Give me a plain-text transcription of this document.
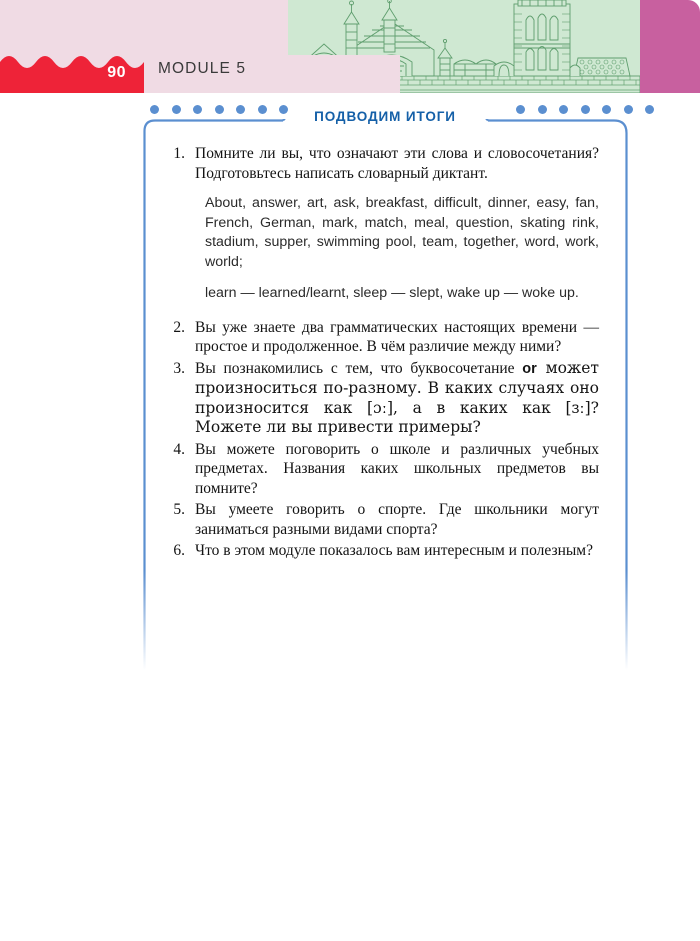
90	MODULE 5
ПОДВОДИМ ИТОГИ
1. Помните ли вы, что означают эти слова и словосочетания? Подготовьтесь написать словарный диктант.
About, answer, art, ask, breakfast, difficult, dinner, easy, fan, French, German, mark, match, meal, question, skating rink, stadium, supper, swimming pool, team, together, word, work, world;
learn — learned/learnt, sleep — slept, wake up — woke up.
2. Вы уже знаете два грамматических настоящих времени — простое и продолженное. В чём различие между ними?
3. Вы познакомились с тем, что буквосочетание or может произноситься по-разному. В каких случаях оно произносится как [ɔː], а в каких как [ɜː]? Можете ли вы привести примеры?
4. Вы можете поговорить о школе и различных учебных предметах. Названия каких школьных предметов вы помните?
5. Вы умеете говорить о спорте. Где школьники могут заниматься разными видами спорта?
6. Что в этом модуле показалось вам интересным и полезным?
